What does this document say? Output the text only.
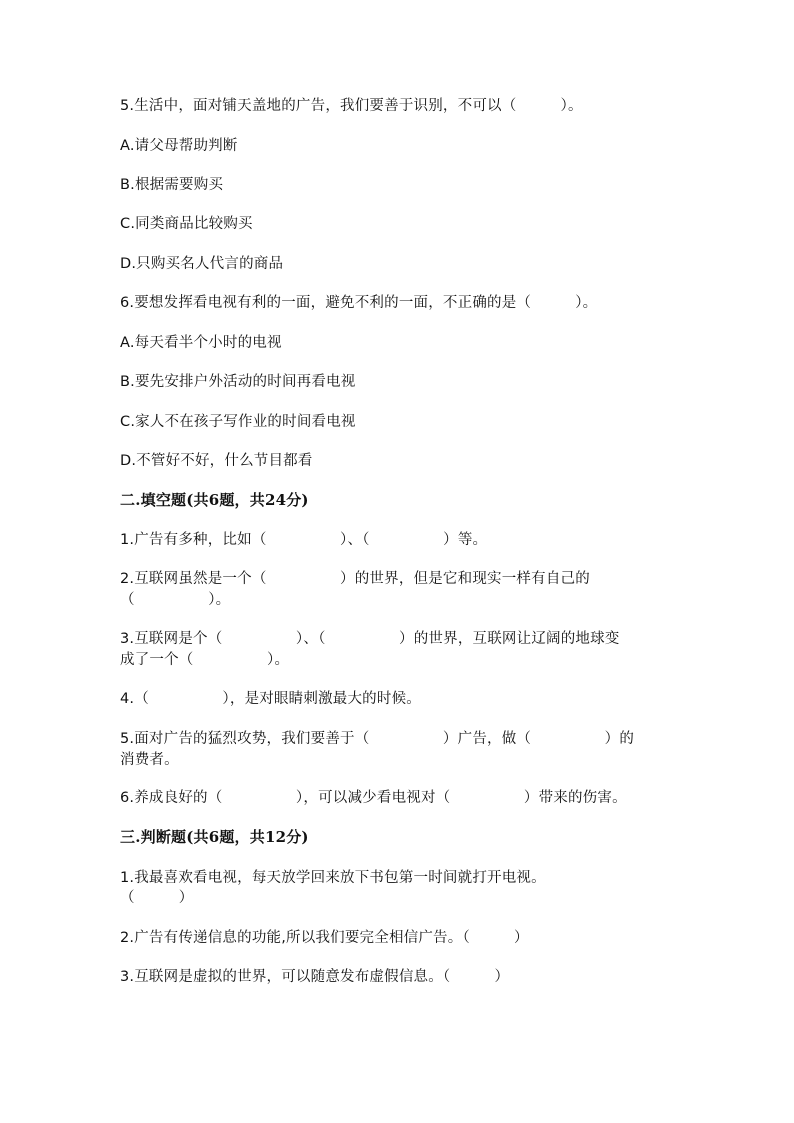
5.生活中，面对铺天盖地的广告，我们要善于识别，不可以（　　　）。
A.请父母帮助判断
B.根据需要购买
C.同类商品比较购买
D.只购买名人代言的商品
6.要想发挥看电视有利的一面，避免不利的一面，不正确的是（　　　）。
A.每天看半个小时的电视
B.要先安排户外活动的时间再看电视
C.家人不在孩子写作业的时间看电视
D.不管好不好，什么节目都看
二.填空题(共6题，共24分)
1.广告有多种，比如（　　　　　）、（　　　　　）等。
2.互联网虽然是一个（　　　　　）的世界，但是它和现实一样有自己的
（　　　　　）。
3.互联网是个（　　　　　）、（　　　　　）的世界，互联网让辽阔的地球变
成了一个（　　　　　）。
4.（　　　　　），是对眼睛刺激最大的时候。
5.面对广告的猛烈攻势，我们要善于（　　　　　）广告，做（　　　　　）的
消费者。
6.养成良好的（　　　　　），可以减少看电视对（　　　　　）带来的伤害。
三.判断题(共6题，共12分)
1.我最喜欢看电视，每天放学回来放下书包第一时间就打开电视。
（　　　）
2.广告有传递信息的功能,所以我们要完全相信广告。（　　　）
3.互联网是虚拟的世界，可以随意发布虚假信息。（　　　）
